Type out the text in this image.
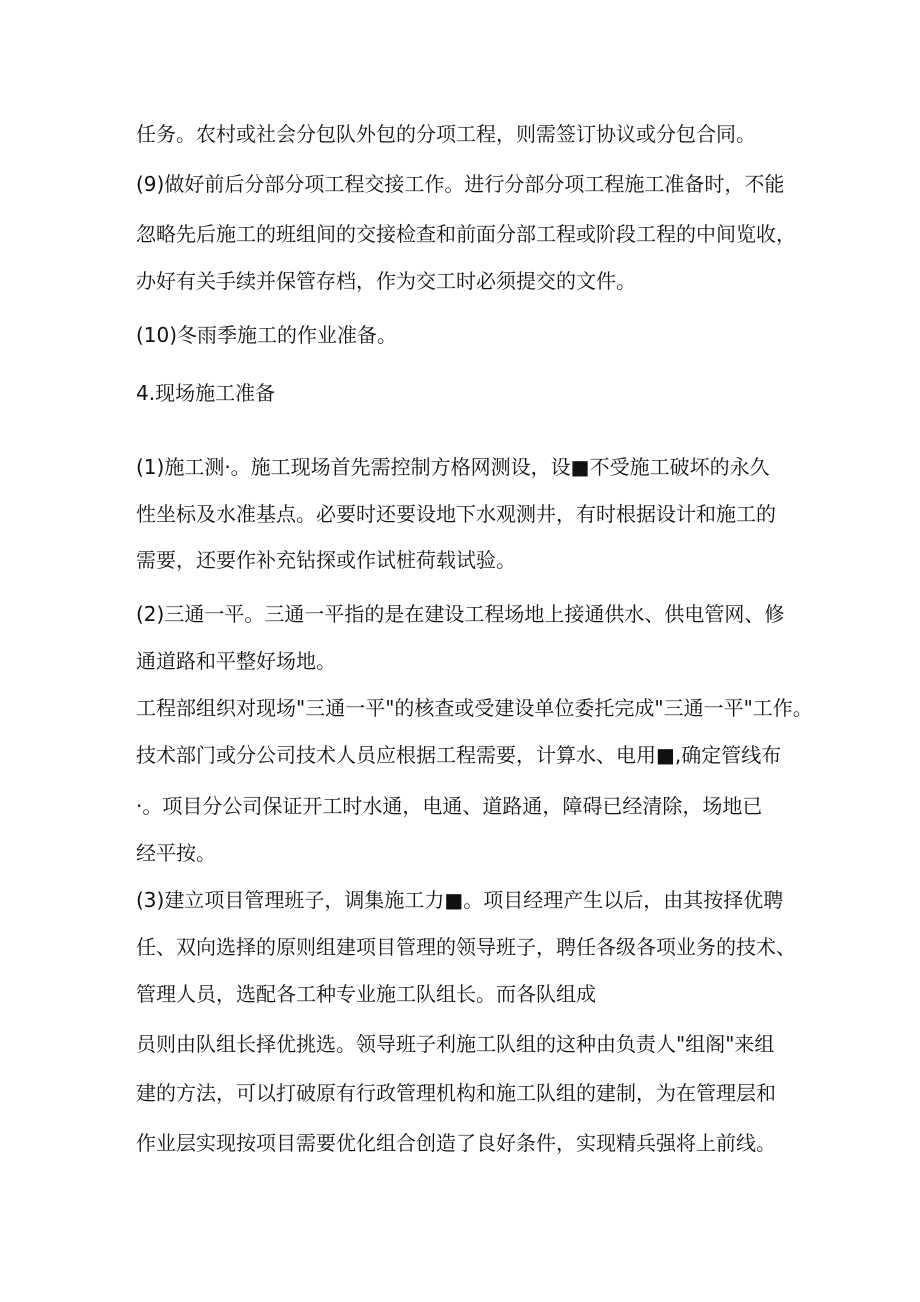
任务。农村或社会分包队外包的分项工程，则需签订协议或分包合同。
(9)做好前后分部分项工程交接工作。进行分部分项工程施工准备时，不能
忽略先后施工的班组间的交接检查和前面分部工程或阶段工程的中间览收，
办好有关手续并保管存档，作为交工时必须提交的文件。
(10)冬雨季施工的作业准备。
4.现场施工准备
(1)施工测·。施工现场首先需控制方格网测设，设■不受施工破坏的永久
性坐标及水准基点。必要时还要设地下水观测井，有时根据设计和施工的
需要，还要作补充钻探或作试桩荷载试验。
(2)三通一平。三通一平指的是在建设工程场地上接通供水、供电管网、修
通道路和平整好场地。
工程部组织对现场"三通一平"的核查或受建设单位委托完成"三通一平"工作。
技术部门或分公司技术人员应根据工程需要，计算水、电用■,确定管线布
·。项目分公司保证开工时水通，电通、道路通，障碍已经清除，场地已
经平按。
(3)建立项目管理班子，调集施工力■。项目经理产生以后，由其按择优聘
任、双向选择的原则组建项目管理的领导班子，聘任各级各项业务的技术、
管理人员，选配各工种专业施工队组长。而各队组成
员则由队组长择优挑选。领导班子利施工队组的这种由负责人"组阁"来组
建的方法，可以打破原有行政管理机构和施工队组的建制，为在管理层和
作业层实现按项目需要优化组合创造了良好条件，实现精兵强将上前线。
